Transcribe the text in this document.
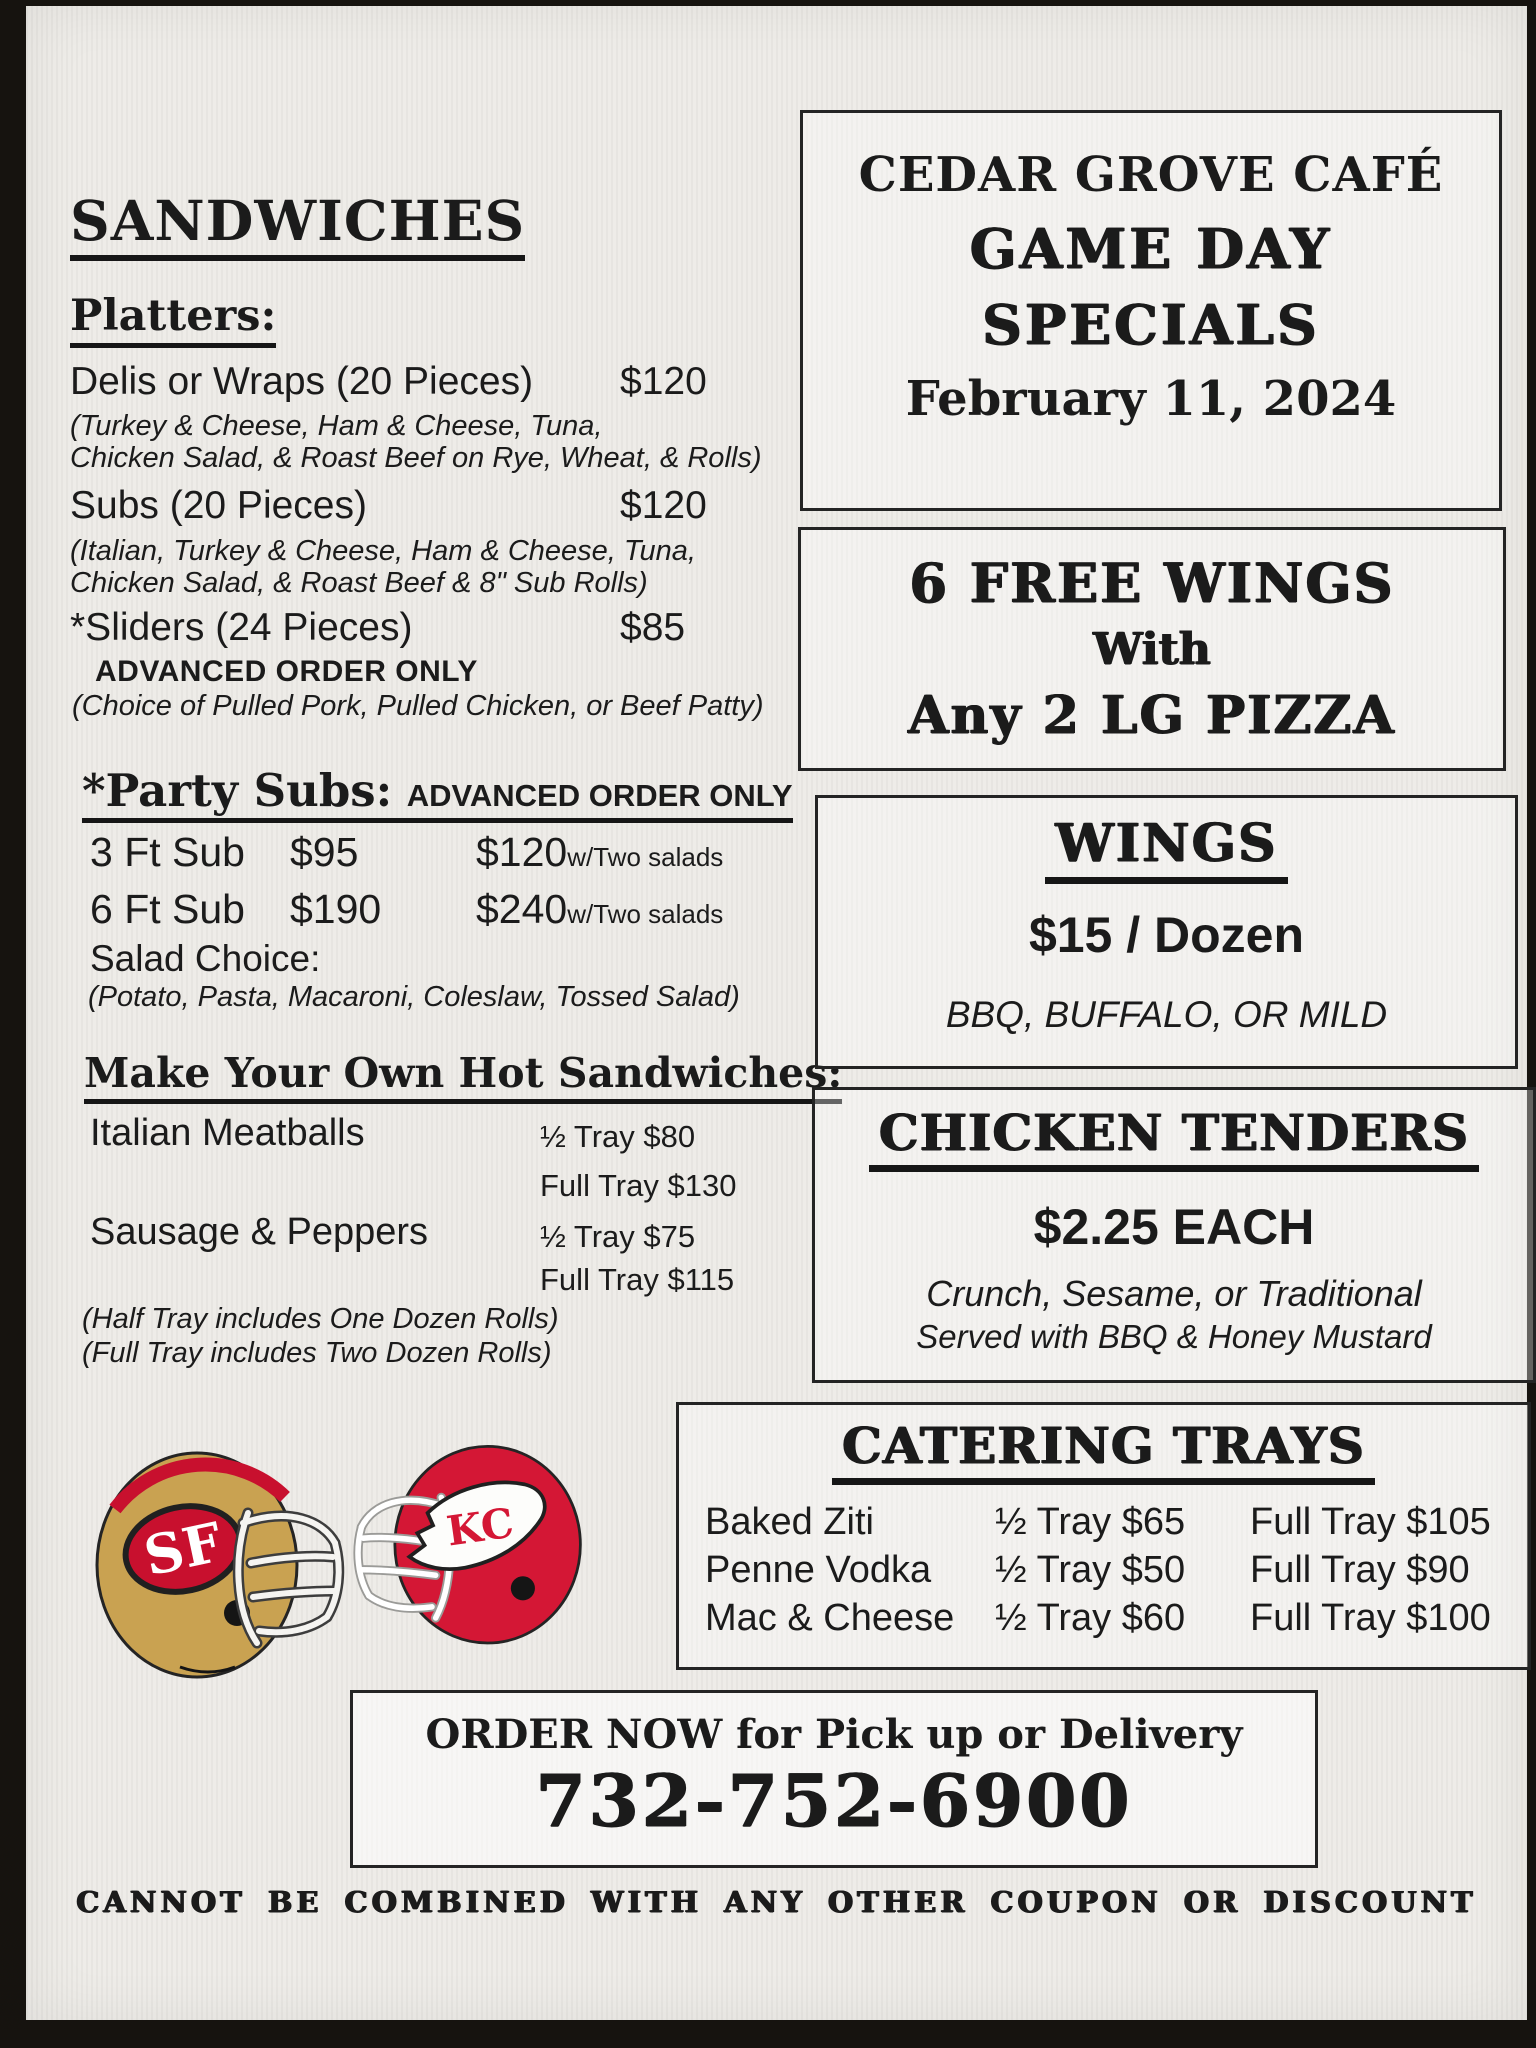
SANDWICHES
Platters:
Delis or Wraps (20 Pieces) $120
(Turkey & Cheese, Ham & Cheese, Tuna,
Chicken Salad, & Roast Beef on Rye, Wheat, & Rolls)
Subs (20 Pieces)	$120
(Italian, Turkey & Cheese, Ham & Cheese, Tuna,
Chicken Salad, & Roast Beef & 8" Sub Rolls)
*Sliders (24 Pieces)	$85
ADVANCED ORDER ONLY
(Choice of Pulled Pork, Pulled Chicken, or Beef Patty)
*Party Subs: ADVANCED ORDER ONLY
3 Ft Sub $95	$120w/Two salads
6 Ft Sub $190 $240w/Two salads
Salad Choice:
(Potato, Pasta, Macaroni, Coleslaw, Tossed Salad)
Make Your Own Hot Sandwiches:
Italian Meatballs	½ Tray $80
Full Tray $130
Sausage & Peppers	½ Tray $75
Full Tray $115
(Half Tray includes One Dozen Rolls)
(Full Tray includes Two Dozen Rolls)
SF	KC
CEDAR GROVE CAFÉ
GAME DAY
SPECIALS
February 11, 2024
6 FREE WINGS
With
Any 2 LG PIZZA
WINGS
$15 / Dozen
BBQ, BUFFALO, OR MILD
CHICKEN TENDERS
$2.25 EACH
Crunch, Sesame, or Traditional
Served with BBQ & Honey Mustard
CATERING TRAYS
Baked Ziti	½ Tray $65 Full Tray $105
Penne Vodka ½ Tray $50 Full Tray $90
Mac & Cheese ½ Tray $60 Full Tray $100
ORDER NOW for Pick up or Delivery
732-752-6900
CANNOT BE COMBINED WITH ANY OTHER COUPON OR DISCOUNT
